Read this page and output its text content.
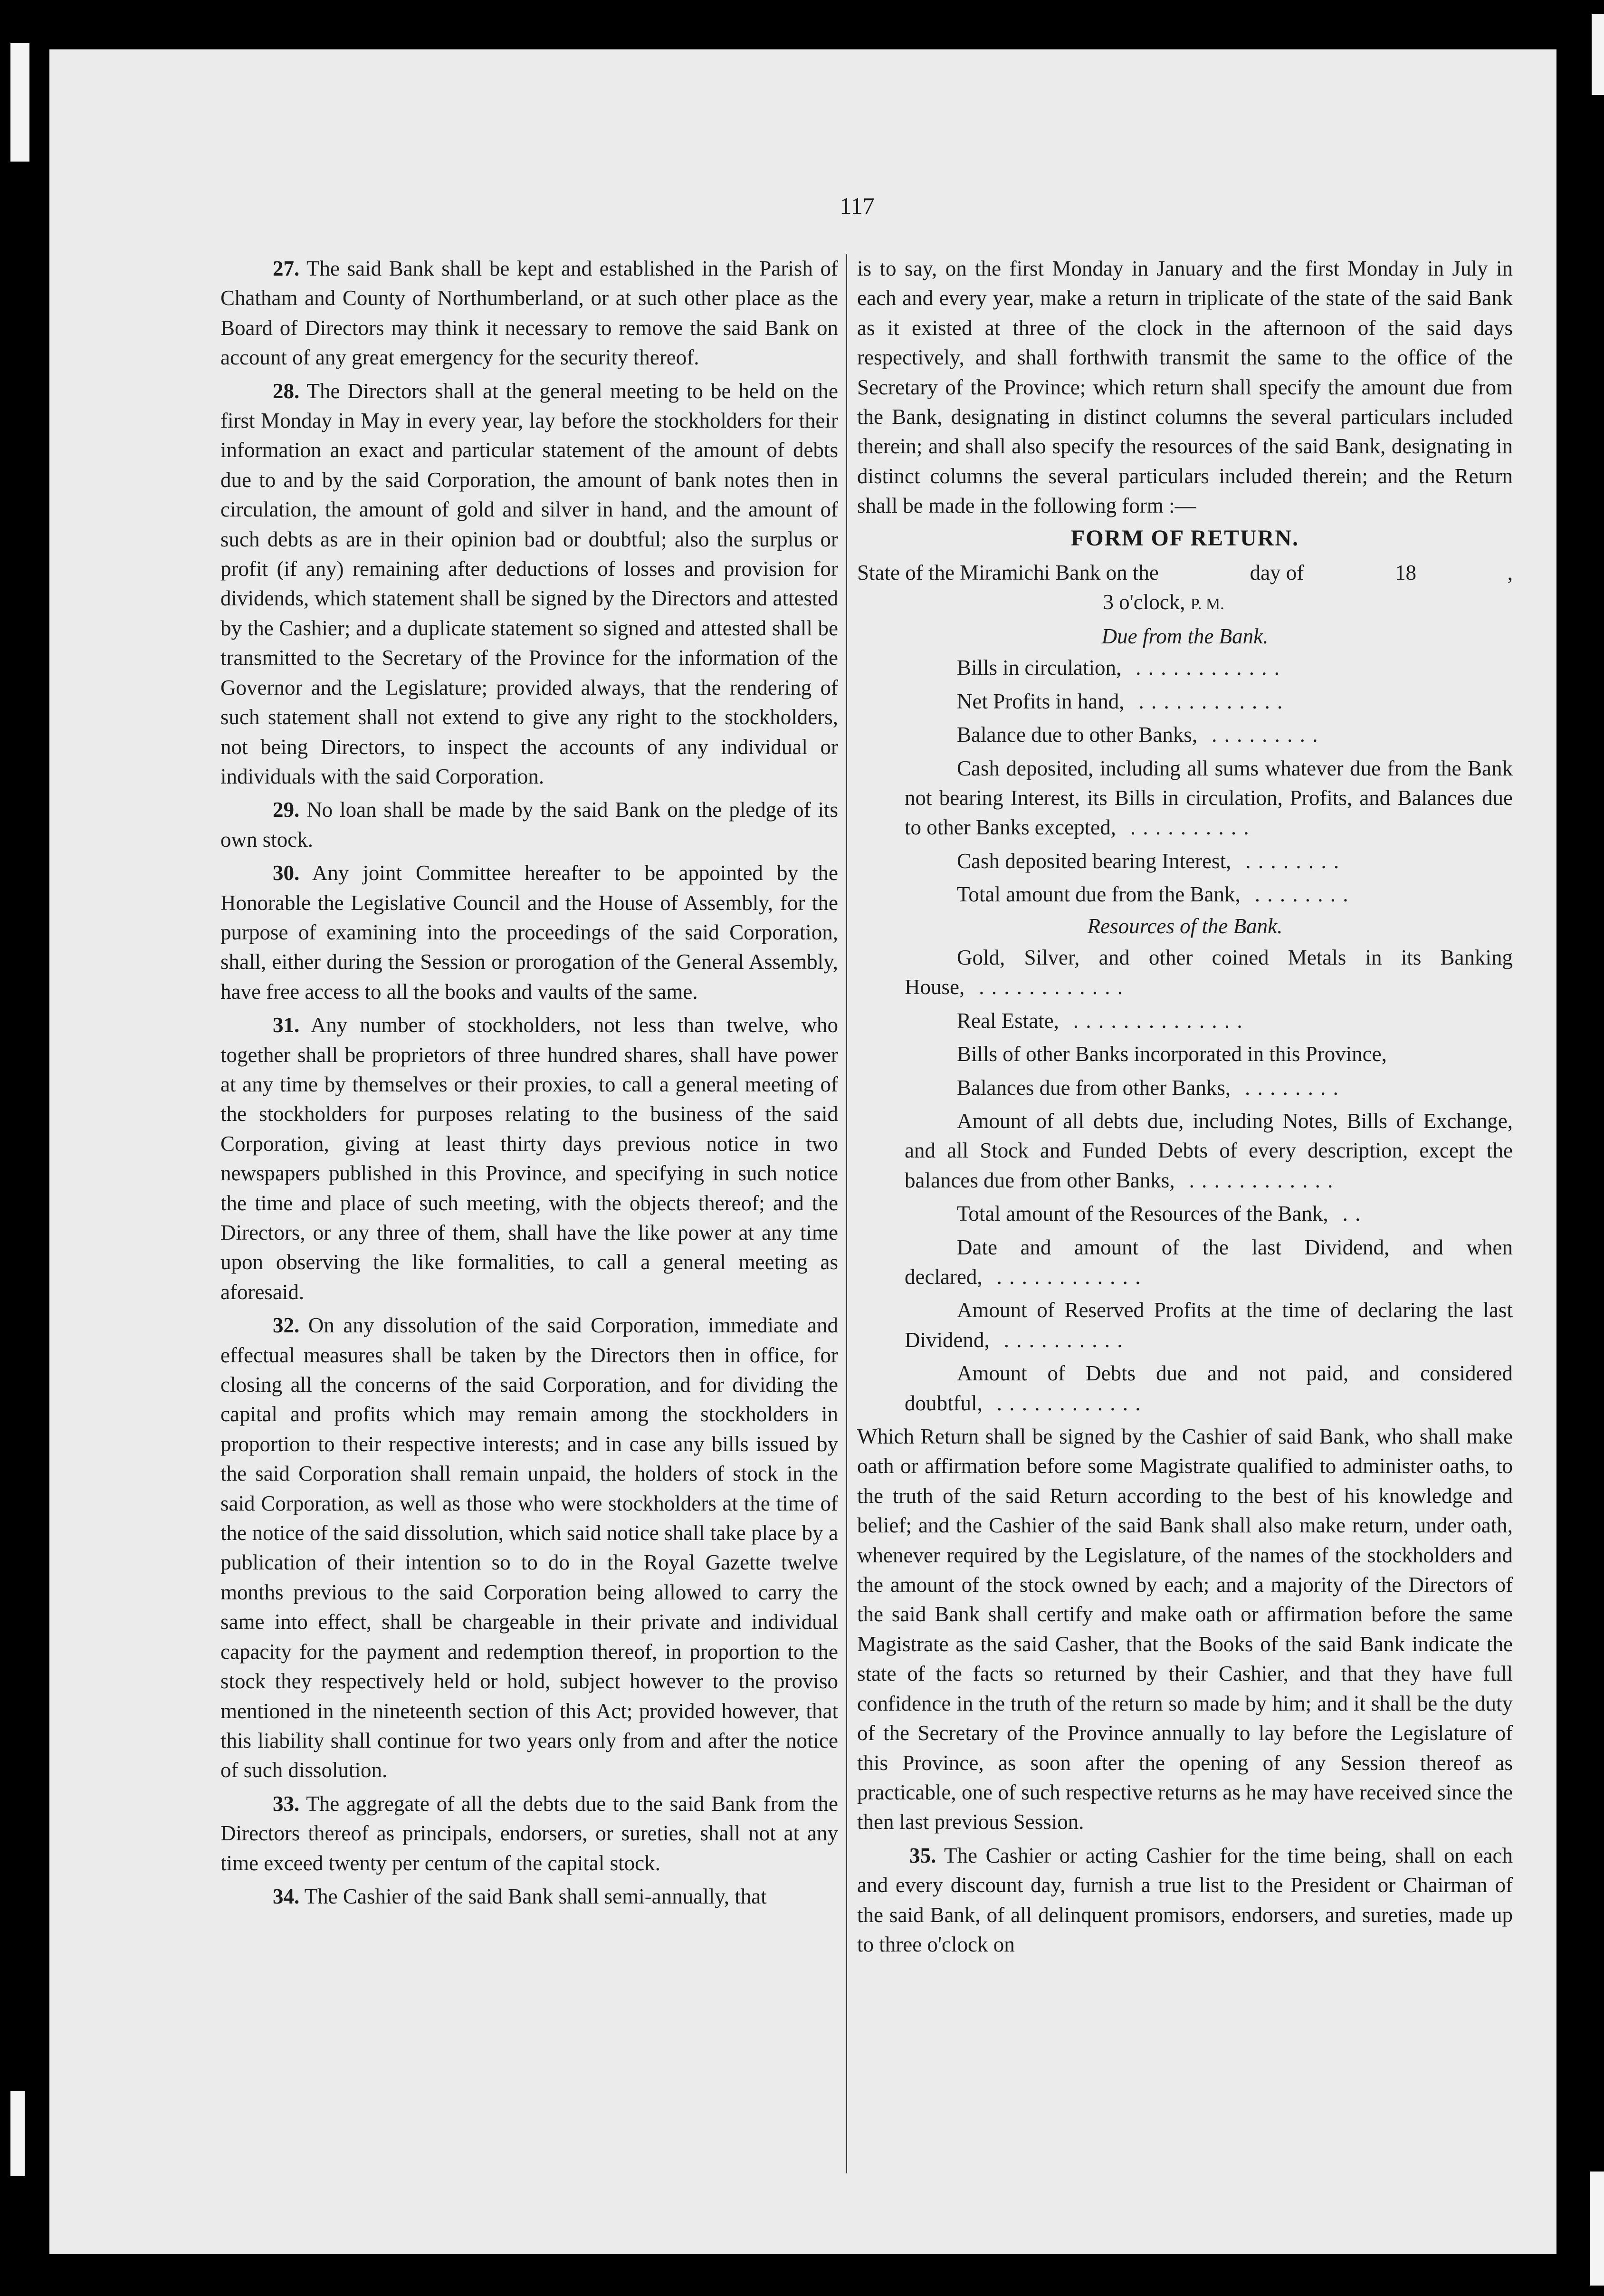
117

27. The said Bank shall be kept and established in the Parish of Chatham and County of Northumberland, or at such other place as the Board of Directors may think it necessary to remove the said Bank on account of any great emergency for the security thereof.

28. The Directors shall at the general meeting to be held on the first Monday in May in every year, lay before the stockholders for their information an exact and particular statement of the amount of debts due to and by the said Corporation, the amount of bank notes then in circulation, the amount of gold and silver in hand, and the amount of such debts as are in their opinion bad or doubtful; also the surplus or profit (if any) remaining after deductions of losses and provision for dividends, which statement shall be signed by the Directors and attested by the Cashier; and a duplicate statement so signed and attested shall be transmitted to the Secretary of the Province for the information of the Governor and the Legislature; provided always, that the rendering of such statement shall not extend to give any right to the stockholders, not being Directors, to inspect the accounts of any individual or individuals with the said Corporation.

29. No loan shall be made by the said Bank on the pledge of its own stock.

30. Any joint Committee hereafter to be appointed by the Honorable the Legislative Council and the House of Assembly, for the purpose of examining into the proceedings of the said Corporation, shall, either during the Session or prorogation of the General Assembly, have free access to all the books and vaults of the same.

31. Any number of stockholders, not less than twelve, who together shall be proprietors of three hundred shares, shall have power at any time by themselves or their proxies, to call a general meeting of the stockholders for purposes relating to the business of the said Corporation, giving at least thirty days previous notice in two newspapers published in this Province, and specifying in such notice the time and place of such meeting, with the objects thereof; and the Directors, or any three of them, shall have the like power at any time upon observing the like formalities, to call a general meeting as aforesaid.

32. On any dissolution of the said Corporation, immediate and effectual measures shall be taken by the Directors then in office, for closing all the concerns of the said Corporation, and for dividing the capital and profits which may remain among the stockholders in proportion to their respective interests; and in case any bills issued by the said Corporation shall remain unpaid, the holders of stock in the said Corporation, as well as those who were stockholders at the time of the notice of the said dissolution, which said notice shall take place by a publication of their intention so to do in the Royal Gazette twelve months previous to the said Corporation being allowed to carry the same into effect, shall be chargeable in their private and individual capacity for the payment and redemption thereof, in proportion to the stock they respectively held or hold, subject however to the proviso mentioned in the nineteenth section of this Act; provided however, that this liability shall continue for two years only from and after the notice of such dissolution.

33. The aggregate of all the debts due to the said Bank from the Directors thereof as principals, endorsers, or sureties, shall not at any time exceed twenty per centum of the capital stock.

34. The Cashier of the said Bank shall semi-annually, that

is to say, on the first Monday in January and the first Monday in July in each and every year, make a return in triplicate of the state of the said Bank as it existed at three of the clock in the afternoon of the said days respectively, and shall forthwith transmit the same to the office of the Secretary of the Province; which return shall specify the amount due from the Bank, designating in distinct columns the several particulars included therein; and shall also specify the resources of the said Bank, designating in distinct columns the several particulars included therein; and the Return shall be made in the following form :—

FORM OF RETURN.
State of the Miramichi Bank on the	day of	18	,
3 o'clock, P. M.
Due from the Bank.

Bills in circulation, . . . . . . . . . . . .

Net Profits in hand, . . . . . . . . . . . .

Balance due to other Banks, . . . . . . . . .

Cash deposited, including all sums whatever due from the Bank not bearing Interest, its Bills in circulation, Profits, and Balances due to other Banks excepted, . . . . . . . . . .

Cash deposited bearing Interest, . . . . . . . .

Total amount due from the Bank, . . . . . . . .

Resources of the Bank.

Gold, Silver, and other coined Metals in its Banking House, . . . . . . . . . . . .

Real Estate, . . . . . . . . . . . . . .

Bills of other Banks incorporated in this Province,

Balances due from other Banks, . . . . . . . .

Amount of all debts due, including Notes, Bills of Exchange, and all Stock and Funded Debts of every description, except the balances due from other Banks, . . . . . . . . . . . .

Total amount of the Resources of the Bank, . .

Date and amount of the last Dividend, and when declared, . . . . . . . . . . . .

Amount of Reserved Profits at the time of declaring the last Dividend, . . . . . . . . . .

Amount of Debts due and not paid, and considered doubtful, . . . . . . . . . . . .

Which Return shall be signed by the Cashier of said Bank, who shall make oath or affirmation before some Magistrate qualified to administer oaths, to the truth of the said Return according to the best of his knowledge and belief; and the Cashier of the said Bank shall also make return, under oath, whenever required by the Legislature, of the names of the stockholders and the amount of the stock owned by each; and a majority of the Directors of the said Bank shall certify and make oath or affirmation before the same Magistrate as the said Casher, that the Books of the said Bank indicate the state of the facts so returned by their Cashier, and that they have full confidence in the truth of the return so made by him; and it shall be the duty of the Secretary of the Province annually to lay before the Legislature of this Province, as soon after the opening of any Session thereof as practicable, one of such respective returns as he may have received since the then last previous Session.

35. The Cashier or acting Cashier for the time being, shall on each and every discount day, furnish a true list to the President or Chairman of the said Bank, of all delinquent promisors, endorsers, and sureties, made up to three o'clock on
